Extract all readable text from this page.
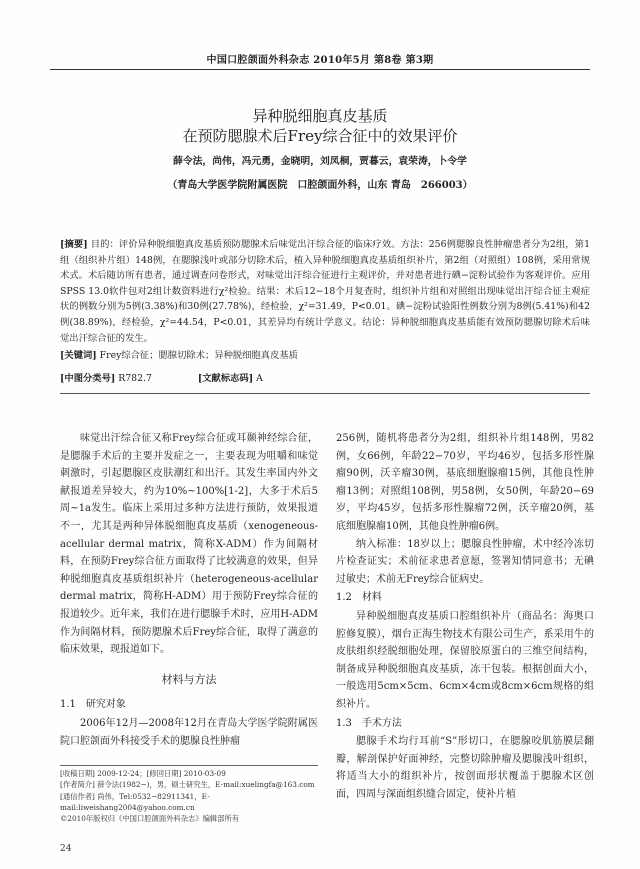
中国口腔颌面外科杂志 2010年5月 第8卷 第3期
异种脱细胞真皮基质
在预防腮腺术后Frey综合征中的效果评价
薛令法，尚伟，冯元勇，金晓明，刘凤桐，贾暮云，袁荣涛，卜令学
（青岛大学医学院附属医院　口腔颌面外科，山东 青岛　266003）
[摘要] 目的：评价异种脱细胞真皮基质预防腮腺术后味觉出汗综合征的临床疗效。方法：256例腮腺良性肿瘤患者分为2组，第1组（组织补片组）148例，在腮腺浅叶或部分切除术后，植入异种脱细胞真皮基质组织补片，第2组（对照组）108例，采用常规术式。术后随访所有患者，通过调查问卷形式，对味觉出汗综合征进行主观评价，并对患者进行碘−淀粉试验作为客观评价。应用SPSS 13.0软件包对2组计数资料进行χ²检验。结果：术后12−18个月复查时，组织补片组和对照组出现味觉出汗综合征主观症状的例数分别为5例(3.38%)和30例(27.78%)，经检验，χ²=31.49，P<0.01。碘−淀粉试验阳性例数分别为8例(5.41%)和42例(38.89%)，经检验，χ²=44.54，P<0.01，其差异均有统计学意义。结论：异种脱细胞真皮基质能有效预防腮腺切除术后味觉出汗综合征的发生。
[关键词] Frey综合征；腮腺切除术；异种脱细胞真皮基质
[中图分类号] R782.7	[文献标志码] A

味觉出汗综合征又称Frey综合征或耳颞神经综合征，是腮腺手术后的主要并发症之一，主要表现为咀嚼和味觉刺激时，引起腮腺区皮肤潮红和出汗。其发生率国内外文献报道差异较大，约为10%~100%[1-2]，大多于术后5周~1a发生。临床上采用过多种方法进行预防，效果报道不一，尤其是两种异体脱细胞真皮基质（xenogeneous-acellular dermal matrix，简称X-ADM）作为间隔材料，在预防Frey综合征方面取得了比较满意的效果，但异种脱细胞真皮基质组织补片（heterogeneous-acellular dermal matrix，简称H-ADM）用于预防Frey综合征的报道较少。近年来，我们在进行腮腺手术时，应用H-ADM作为间隔材料，预防腮腺术后Frey综合征，取得了满意的临床效果，现报道如下。

材料与方法
1.1　研究对象

2006年12月—2008年12月在青岛大学医学院附属医院口腔颌面外科接受手术的腮腺良性肿瘤

256例，随机将患者分为2组，组织补片组148例，男82例，女66例，年龄22−70岁，平均46岁，包括多形性腺瘤90例，沃辛瘤30例，基底细胞腺瘤15例，其他良性肿瘤13例；对照组108例，男58例，女50例，年龄20−69岁，平均45岁，包括多形性腺瘤72例，沃辛瘤20例，基底细胞腺瘤10例，其他良性肿瘤6例。

纳入标准：18岁以上；腮腺良性肿瘤，术中经冷冻切片检查证实；术前征求患者意愿，签署知情同意书；无碘过敏史；术前无Frey综合征病史。

1.2　材料

异种脱细胞真皮基质口腔组织补片（商品名：海奥口腔修复膜），烟台正海生物技术有限公司生产，系采用牛的皮肤组织经脱细胞处理，保留胶原蛋白的三维空间结构，制备成异种脱细胞真皮基质，冻干包装。根据创面大小，一般选用5cm×5cm、6cm×4cm或8cm×6cm规格的组织补片。

1.3　手术方法

腮腺手术均行耳前“S”形切口，在腮腺咬肌筋膜层翻瓣，解剖保护好面神经，完整切除肿瘤及腮腺浅叶组织，将适当大小的组织补片，按创面形状覆盖于腮腺术区创面，四周与深面组织缝合固定，使补片植

[收稿日期] 2009-12-24；[修回日期] 2010-03-09
[作者简介] 薛令法(1982−)，男，硕士研究生，E-mail:xuelingfa@163.com
[通信作者] 尚伟，Tel:0532−82911341，E-mail:liweishang2004@yahoo.com.cn
©2010年版权归《中国口腔颌面外科杂志》编辑部所有
24
